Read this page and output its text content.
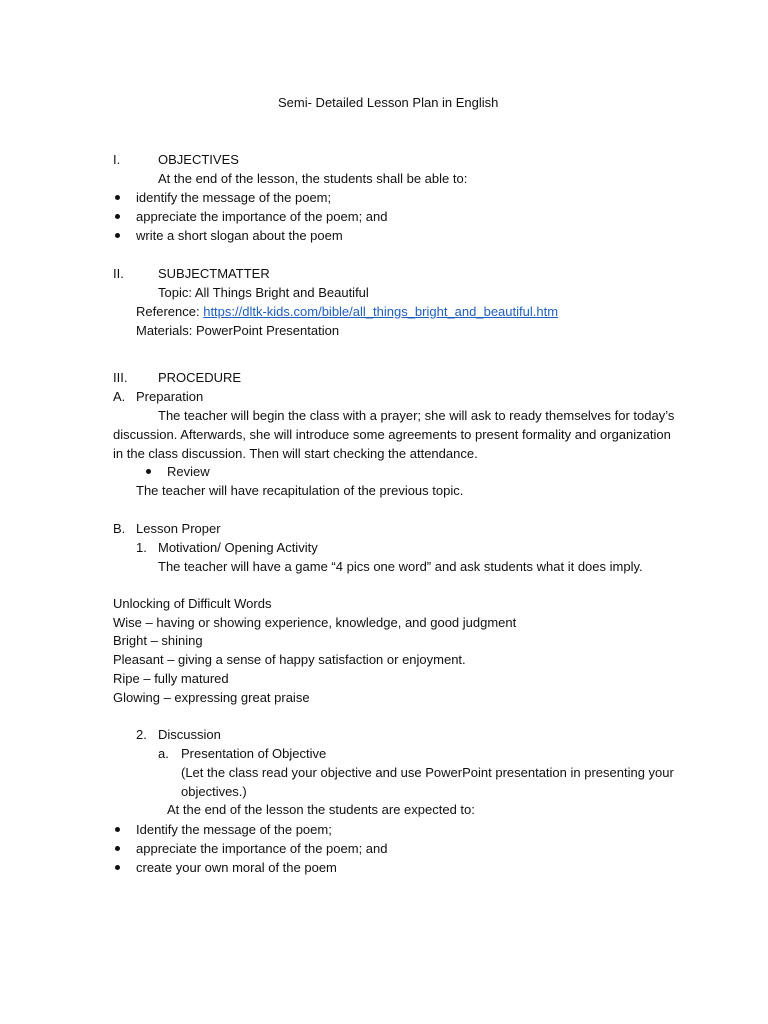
Semi- Detailed Lesson Plan in English
I.	OBJECTIVES
At the end of the lesson, the students shall be able to:
identify the message of the poem;
appreciate the importance of the poem; and
write a short slogan about the poem
II.	SUBJECTMATTER
Topic: All Things Bright and Beautiful
Reference: https://dltk-kids.com/bible/all_things_bright_and_beautiful.htm
Materials: PowerPoint Presentation
III. PROCEDURE
A. Preparation
The teacher will begin the class with a prayer; she will ask to ready themselves for today’s
discussion. Afterwards, she will introduce some agreements to present formality and organization
in the class discussion. Then will start checking the attendance.
Review
The teacher will have recapitulation of the previous topic.
B. Lesson Proper
1. Motivation/ Opening Activity
The teacher will have a game “4 pics one word” and ask students what it does imply.
Unlocking of Difficult Words
Wise – having or showing experience, knowledge, and good judgment
Bright – shining
Pleasant – giving a sense of happy satisfaction or enjoyment.
Ripe – fully matured
Glowing – expressing great praise
2. Discussion
a. Presentation of Objective
(Let the class read your objective and use PowerPoint presentation in presenting your
objectives.)
At the end of the lesson the students are expected to:
Identify the message of the poem;
appreciate the importance of the poem; and
create your own moral of the poem
